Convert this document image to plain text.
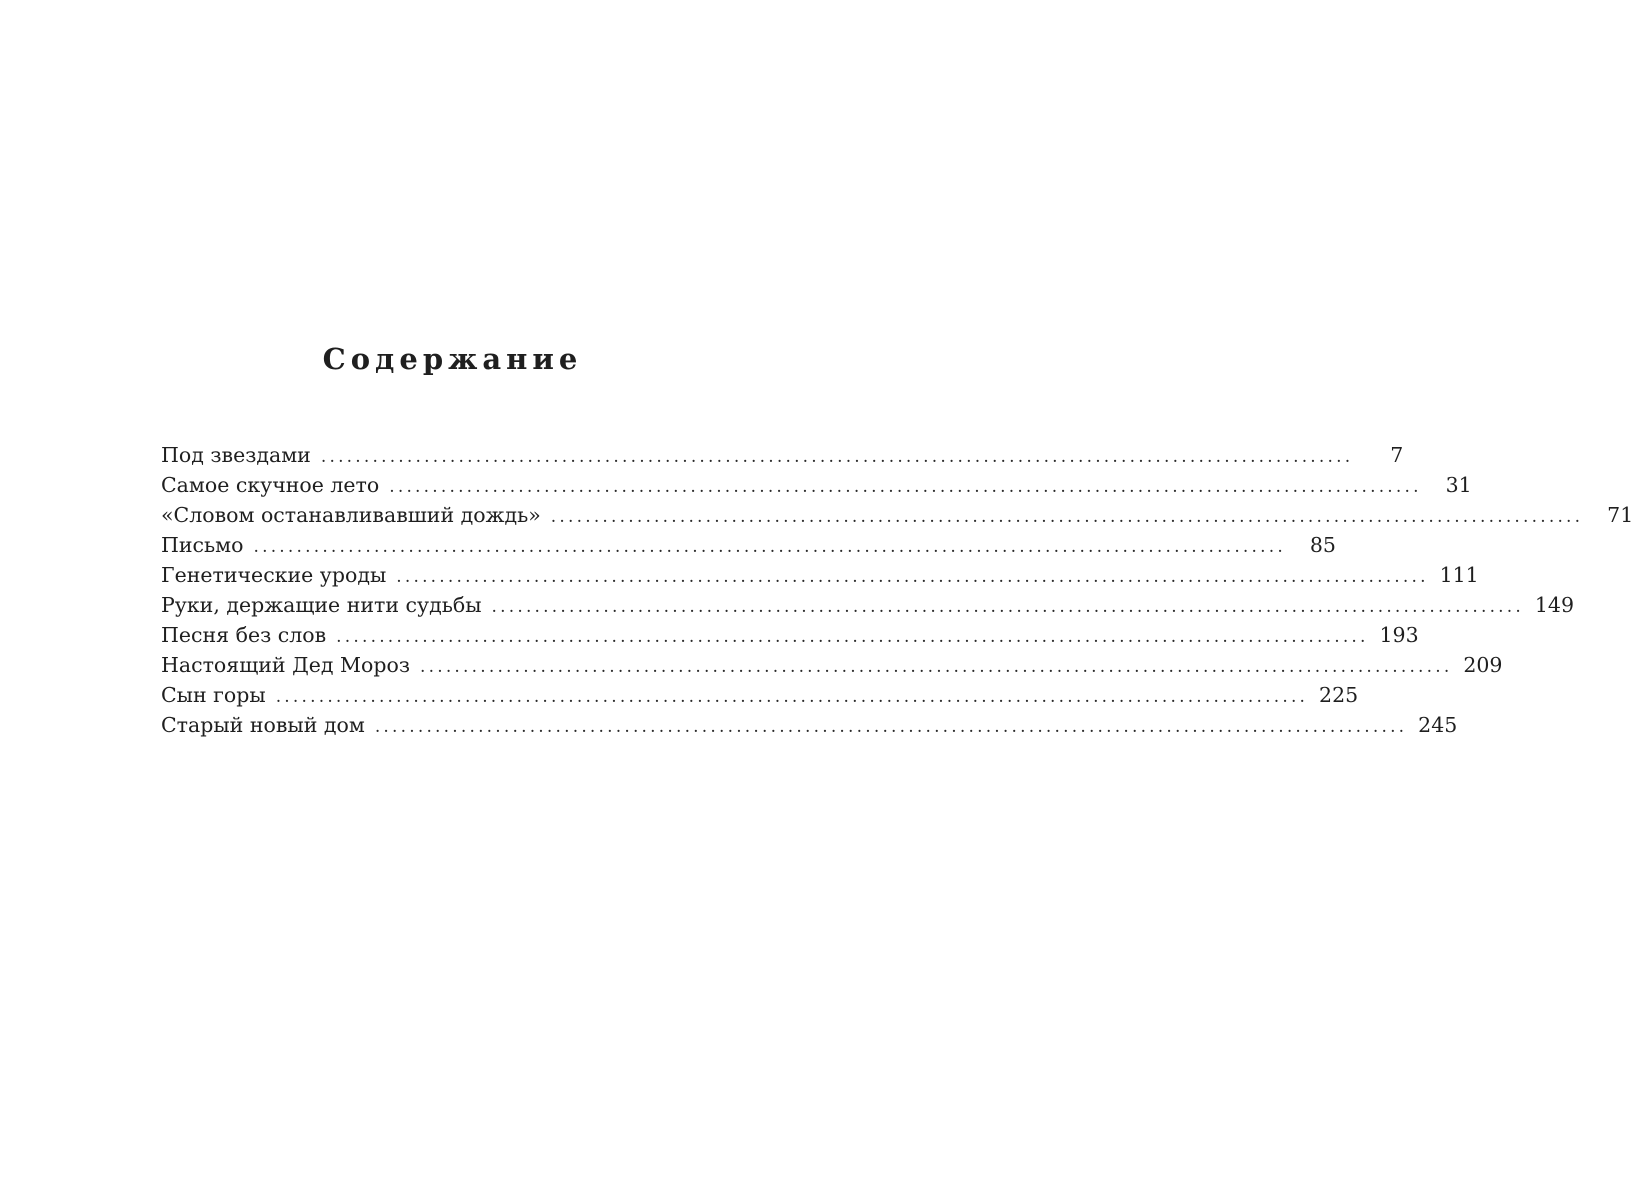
Содержание
Под звездами ........................................................................................................................	7
Самое скучное лето ........................................................................................................................	31
«Словом останавливавший дождь» ........................................................................................................................	71
Письмо ........................................................................................................................	85
Генетические уроды ........................................................................................................................ 111
Руки, держащие нити судьбы ........................................................................................................................ 149
Песня без слов ........................................................................................................................ 193
Настоящий Дед Мороз ........................................................................................................................ 209
Сын горы ........................................................................................................................ 225
Старый новый дом ........................................................................................................................ 245
